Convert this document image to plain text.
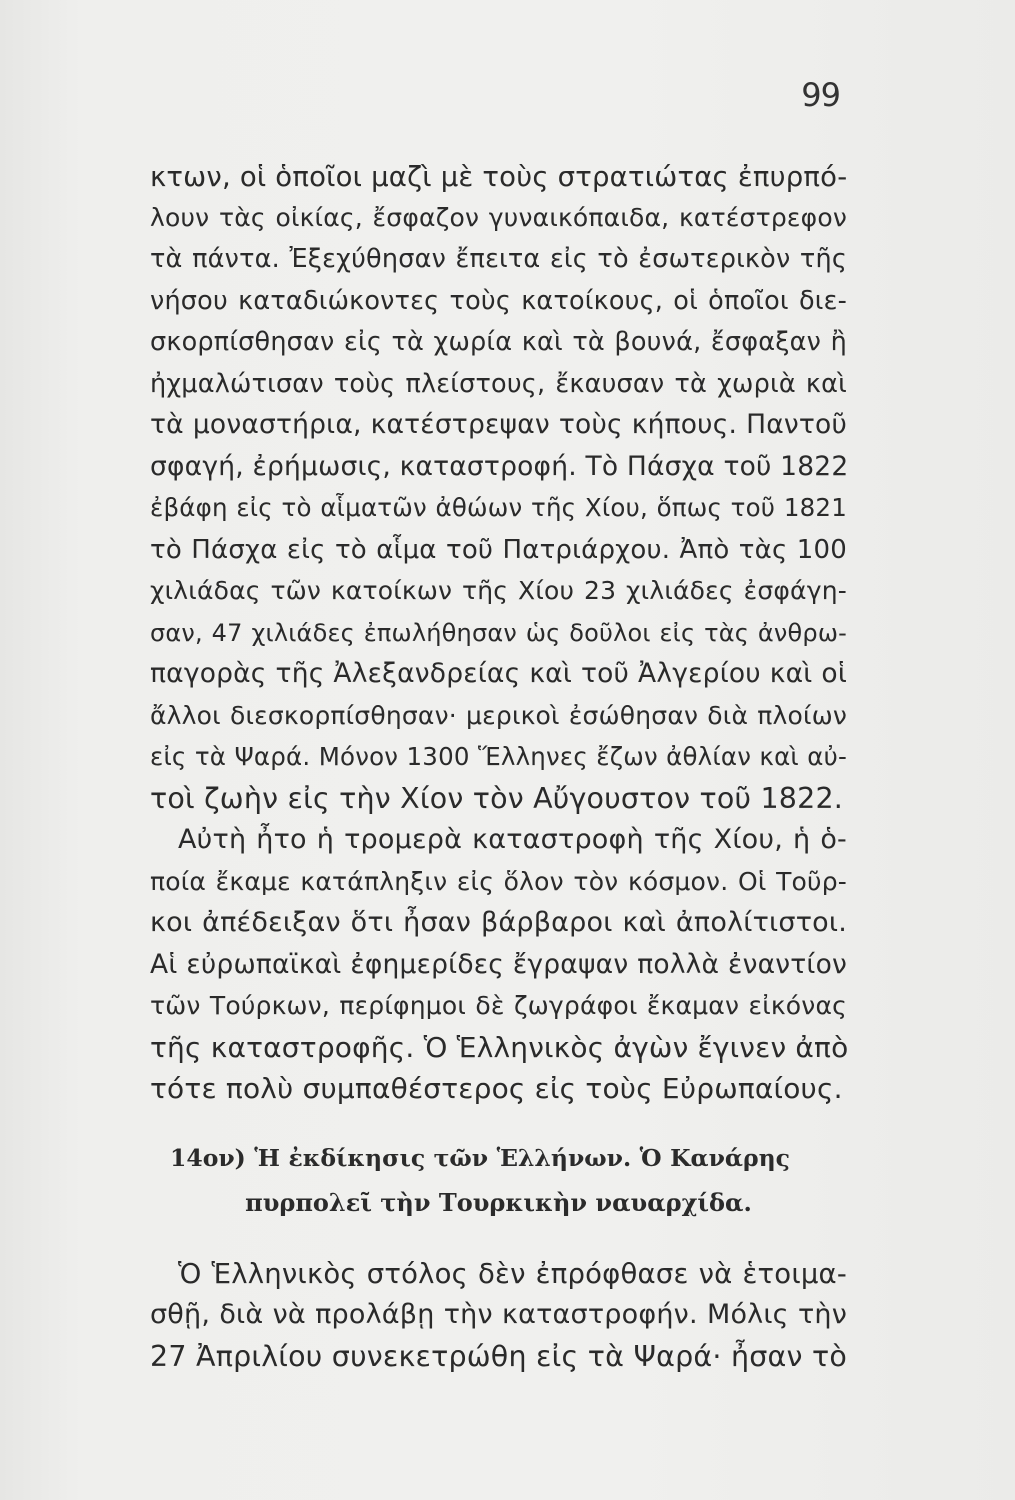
99
κτων, οἱ ὁποῖοι μαζὶ μὲ τοὺς στρατιώτας ἐπυρπό-
λουν τὰς οἰκίας, ἔσφαζον γυναικόπαιδα, κατέστρεφον
τὰ πάντα. Ἐξεχύθησαν ἔπειτα εἰς τὸ ἐσωτερικὸν τῆς
νήσου καταδιώκοντες τοὺς κατοίκους, οἱ ὁποῖοι διε-
σκορπίσθησαν εἰς τὰ χωρία καὶ τὰ βουνά, ἔσφαξαν ἢ
ἠχμαλώτισαν τοὺς πλείστους, ἔκαυσαν τὰ χωριὰ καὶ
τὰ μοναστήρια, κατέστρεψαν τοὺς κήπους. Παντοῦ
σφαγή, ἐρήμωσις, καταστροφή. Τὸ Πάσχα τοῦ 1822
ἐβάφη εἰς τὸ αἷματῶν ἀθώων τῆς Χίου, ὅπως τοῦ 1821
τὸ Πάσχα εἰς τὸ αἷμα τοῦ Πατριάρχου. Ἀπὸ τὰς 100
χιλιάδας τῶν κατοίκων τῆς Χίου 23 χιλιάδες ἐσφάγη-
σαν, 47 χιλιάδες ἐπωλήθησαν ὡς δοῦλοι εἰς τὰς ἀνθρω-
παγορὰς τῆς Ἀλεξανδρείας καὶ τοῦ Ἀλγερίου καὶ οἱ
ἄλλοι διεσκορπίσθησαν· μερικοὶ ἐσώθησαν διὰ πλοίων
εἰς τὰ Ψαρά. Μόνον 1300 Ἕλληνες ἔζων ἀθλίαν καὶ αὐ-
τοὶ ζωὴν εἰς τὴν Χίον τὸν Αὔγουστον τοῦ 1822.
Αὐτὴ ἦτο ἡ τρομερὰ καταστροφὴ τῆς Χίου, ἡ ὁ-
ποία ἔκαμε κατάπληξιν εἰς ὅλον τὸν κόσμον. Οἱ Τοῦρ-
κοι ἀπέδειξαν ὅτι ἦσαν βάρβαροι καὶ ἀπολίτιστοι.
Αἱ εὐρωπαϊκαὶ ἐφημερίδες ἔγραψαν πολλὰ ἐναντίον
τῶν Τούρκων, περίφημοι δὲ ζωγράφοι ἔκαμαν εἰκόνας
τῆς καταστροφῆς. Ὁ Ἑλληνικὸς ἀγὼν ἔγινεν ἀπὸ
τότε πολὺ συμπαθέστερος εἰς τοὺς Εὐρωπαίους.
14ον) Ἡ ἐκδίκησις τῶν Ἑλλήνων. Ὁ Κανάρης
πυρπολεῖ τὴν Τουρκικὴν ναυαρχίδα.
Ὁ Ἑλληνικὸς στόλος δὲν ἐπρόφθασε νὰ ἑτοιμα-
σθῇ, διὰ νὰ προλάβῃ τὴν καταστροφήν. Μόλις τὴν
27 Ἀπριλίου συνεκετρώθη εἰς τὰ Ψαρά· ἦσαν τὸ
